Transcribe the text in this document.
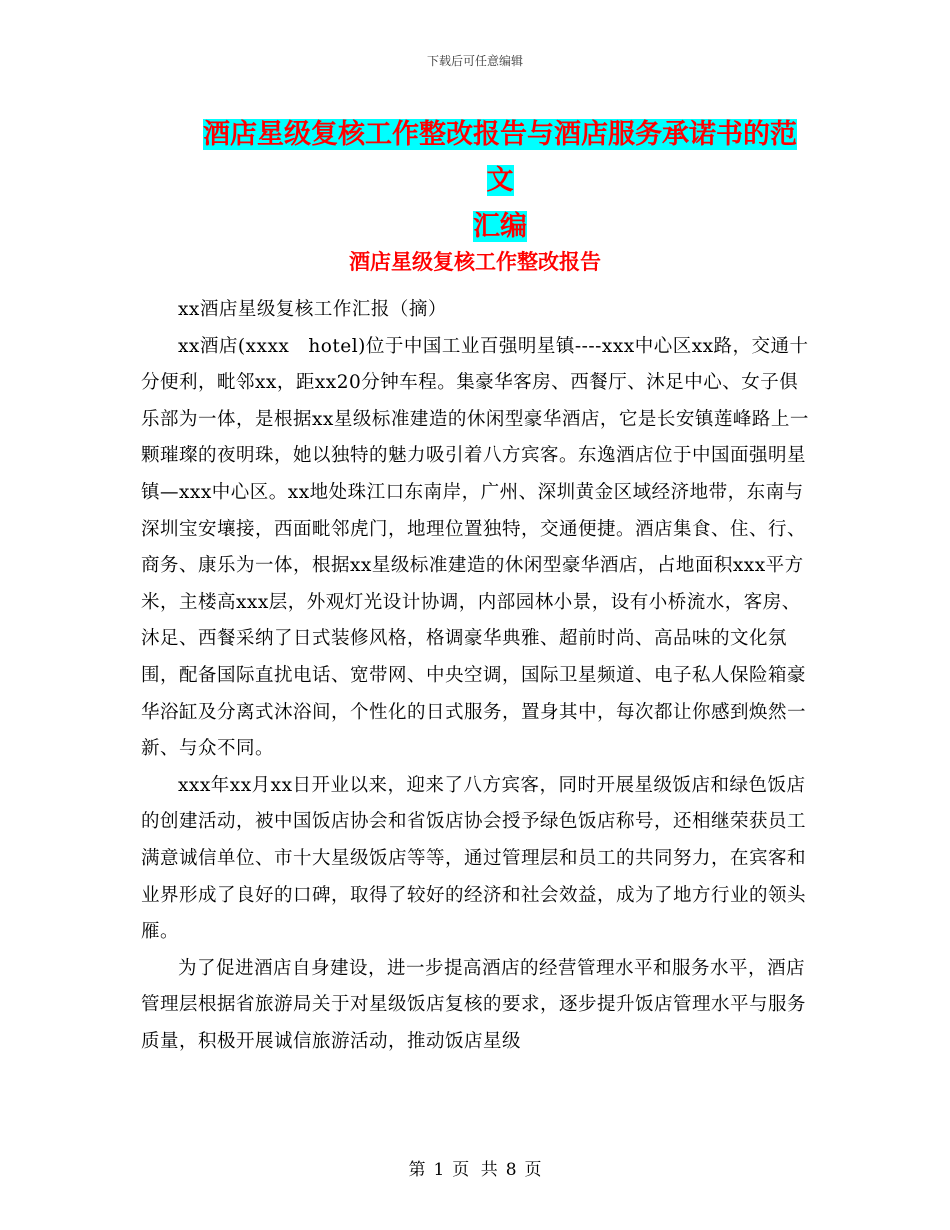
下载后可任意编辑
酒店星级复核工作整改报告与酒店服务承诺书的范文
汇编
酒店星级复核工作整改报告

xx酒店星级复核工作汇报（摘）

xx酒店(xxxx　hotel)位于中国工业百强明星镇----xxx中心区xx路，交通十分便利，毗邻xx，距xx20分钟车程。集豪华客房、西餐厅、沐足中心、女子俱乐部为一体，是根据xx星级标准建造的休闲型豪华酒店，它是长安镇莲峰路上一颗璀璨的夜明珠，她以独特的魅力吸引着八方宾客。东逸酒店位于中国面强明星镇—xxx中心区。xx地处珠江口东南岸，广州、深圳黄金区域经济地带，东南与深圳宝安壤接，西面毗邻虎门，地理位置独特，交通便捷。酒店集食、住、行、商务、康乐为一体，根据xx星级标准建造的休闲型豪华酒店，占地面积xxx平方米，主楼高xxx层，外观灯光设计协调，内部园林小景，设有小桥流水，客房、沐足、西餐采纳了日式装修风格，格调豪华典雅、超前时尚、高品味的文化氛围，配备国际直扰电话、宽带网、中央空调，国际卫星频道、电子私人保险箱豪华浴缸及分离式沐浴间，个性化的日式服务，置身其中，每次都让你感到焕然一新、与众不同。

xxx年xx月xx日开业以来，迎来了八方宾客，同时开展星级饭店和绿色饭店的创建活动，被中国饭店协会和省饭店协会授予绿色饭店称号，还相继荣获员工满意诚信单位、市十大星级饭店等等，通过管理层和员工的共同努力，在宾客和业界形成了良好的口碑，取得了较好的经济和社会效益，成为了地方行业的领头雁。

为了促进酒店自身建设，进一步提高酒店的经营管理水平和服务水平，酒店管理层根据省旅游局关于对星级饭店复核的要求，逐步提升饭店管理水平与服务质量，积极开展诚信旅游活动，推动饭店星级

第 1 页 共 8 页
